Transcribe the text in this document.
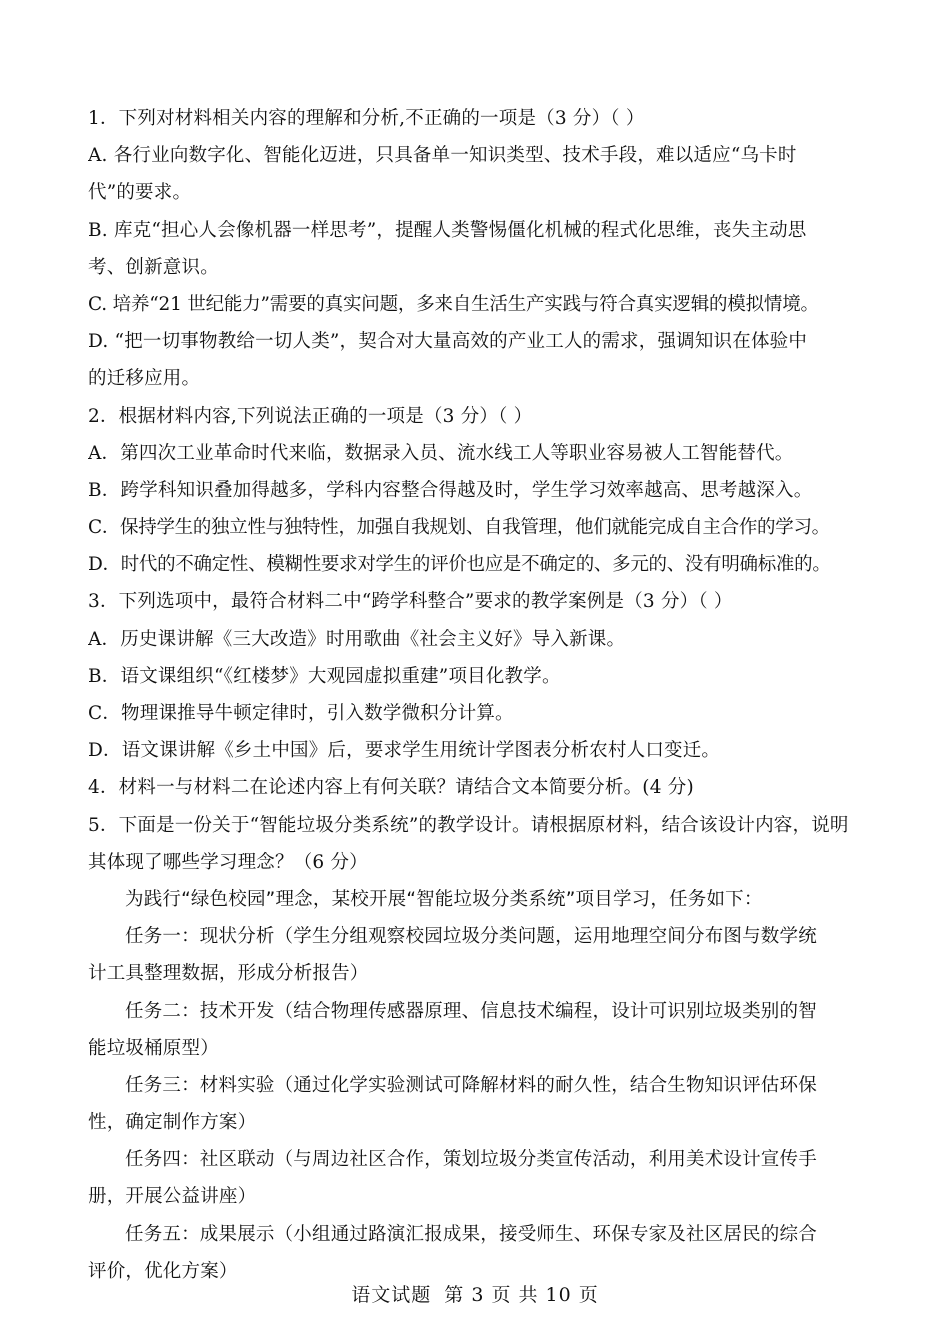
1．下列对材料相关内容的理解和分析,不正确的一项是（3 分）（ ）
A. 各行业向数字化、智能化迈进，只具备单一知识类型、技术手段，难以适应“乌卡时
代”的要求。
B. 库克“担心人会像机器一样思考”，提醒人类警惕僵化机械的程式化思维，丧失主动思
考、创新意识。
C. 培养“21 世纪能力”需要的真实问题，多来自生活生产实践与符合真实逻辑的模拟情境。
D. “把一切事物教给一切人类”，契合对大量高效的产业工人的需求，强调知识在体验中
的迁移应用。
2．根据材料内容,下列说法正确的一项是（3 分）（ ）
A．第四次工业革命时代来临，数据录入员、流水线工人等职业容易被人工智能替代。
B．跨学科知识叠加得越多，学科内容整合得越及时，学生学习效率越高、思考越深入。
C．保持学生的独立性与独特性，加强自我规划、自我管理，他们就能完成自主合作的学习。
D．时代的不确定性、模糊性要求对学生的评价也应是不确定的、多元的、没有明确标准的。
3．下列选项中，最符合材料二中“跨学科整合”要求的教学案例是（3 分）（ ）
A．历史课讲解《三大改造》时用歌曲《社会主义好》导入新课。
B．语文课组织“《红楼梦》大观园虚拟重建”项目化教学。
C．物理课推导牛顿定律时，引入数学微积分计算。
D．语文课讲解《乡土中国》后，要求学生用统计学图表分析农村人口变迁。
4．材料一与材料二在论述内容上有何关联？请结合文本简要分析。(4 分)
5．下面是一份关于“智能垃圾分类系统”的教学设计。请根据原材料，结合该设计内容，说明
其体现了哪些学习理念？（6 分）
为践行“绿色校园”理念，某校开展“智能垃圾分类系统”项目学习，任务如下：
任务一：现状分析（学生分组观察校园垃圾分类问题，运用地理空间分布图与数学统
计工具整理数据，形成分析报告）
任务二：技术开发（结合物理传感器原理、信息技术编程，设计可识别垃圾类别的智
能垃圾桶原型）
任务三：材料实验（通过化学实验测试可降解材料的耐久性，结合生物知识评估环保
性，确定制作方案）
任务四：社区联动（与周边社区合作，策划垃圾分类宣传活动，利用美术设计宣传手
册，开展公益讲座）
任务五：成果展示（小组通过路演汇报成果，接受师生、环保专家及社区居民的综合
评价，优化方案）
语文试题 第 3 页 共 10 页
